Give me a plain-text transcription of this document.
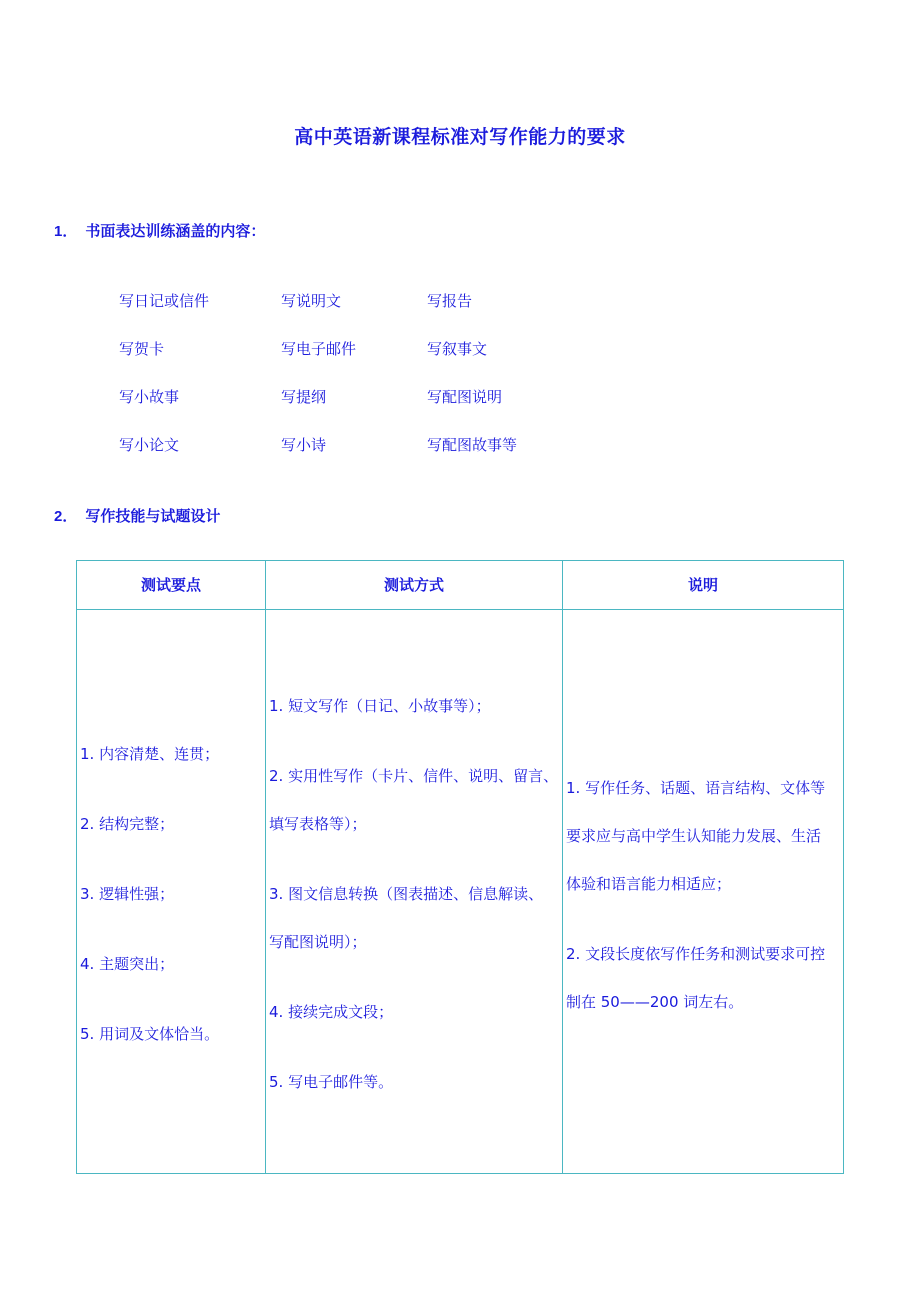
高中英语新课程标准对写作能力的要求
1． 书面表达训练涵盖的内容：
写日记或信件	写说明文	写报告
写贺卡	写电子邮件	写叙事文
写小故事	写提纲	写配图说明
写小论文	写小诗	写配图故事等
2． 写作技能与试题设计
测试要点	测试方式	说明
1. 内容清楚、连贯；
2. 结构完整；
3. 逻辑性强；
4. 主题突出；
5. 用词及文体恰当。
1. 短文写作（日记、小故事等）；
2. 实用性写作（卡片、信件、说明、留言、
填写表格等）；
3. 图文信息转换（图表描述、信息解读、
写配图说明）；
4. 接续完成文段；
5. 写电子邮件等。
1. 写作任务、话题、语言结构、文体等
要求应与高中学生认知能力发展、生活
体验和语言能力相适应；
2. 文段长度依写作任务和测试要求可控
制在 50——200 词左右。
